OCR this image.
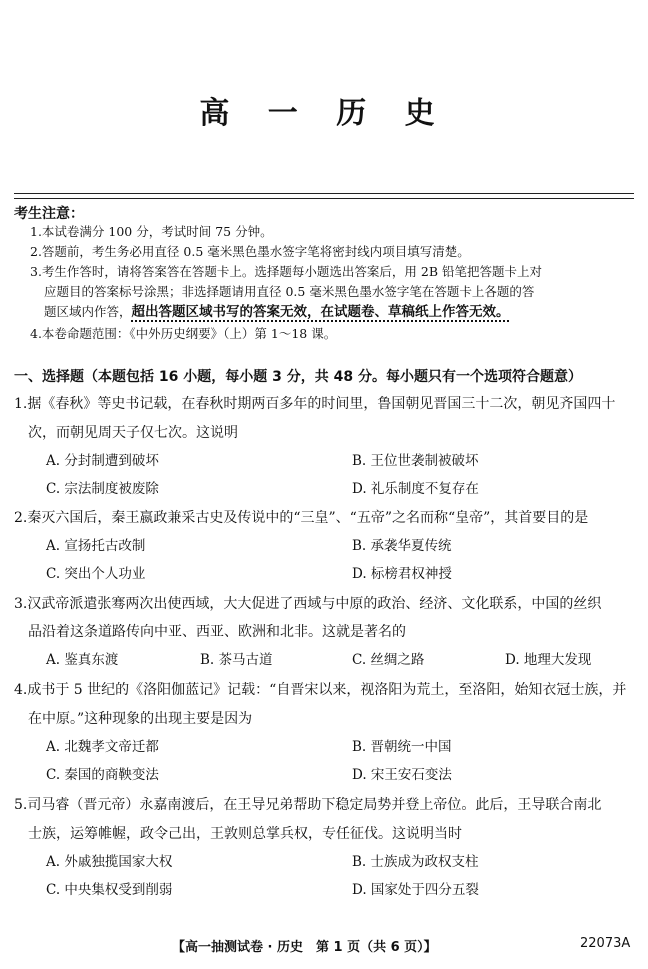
高 一 历 史
考生注意：
1.本试卷满分 100 分，考试时间 75 分钟。
2.答题前，考生务必用直径 0.5 毫米黑色墨水签字笔将密封线内项目填写清楚。
3.考生作答时，请将答案答在答题卡上。选择题每小题选出答案后，用 2B 铅笔把答题卡上对
应题目的答案标号涂黑；非选择题请用直径 0.5 毫米黑色墨水签字笔在答题卡上各题的答
题区域内作答，超出答题区域书写的答案无效，在试题卷、草稿纸上作答无效。
4.本卷命题范围：《中外历史纲要》（上）第 1～18 课。
一、选择题（本题包括 16 小题，每小题 3 分，共 48 分。每小题只有一个选项符合题意）
1.据《春秋》等史书记载，在春秋时期两百多年的时间里，鲁国朝见晋国三十二次，朝见齐国四十
次，而朝见周天子仅七次。这说明
A. 分封制遭到破坏	B. 王位世袭制被破坏
C. 宗法制度被废除	D. 礼乐制度不复存在
2.秦灭六国后，秦王嬴政兼采古史及传说中的“三皇”、“五帝”之名而称“皇帝”，其首要目的是
A. 宣扬托古改制	B. 承袭华夏传统
C. 突出个人功业	D. 标榜君权神授
3.汉武帝派遣张骞两次出使西域，大大促进了西域与中原的政治、经济、文化联系，中国的丝织
品沿着这条道路传向中亚、西亚、欧洲和北非。这就是著名的
A. 鉴真东渡	B. 茶马古道	C. 丝绸之路	D. 地理大发现
4.成书于 5 世纪的《洛阳伽蓝记》记载：“自晋宋以来，视洛阳为荒土，至洛阳，始知衣冠士族，并
在中原。”这种现象的出现主要是因为
A. 北魏孝文帝迁都	B. 晋朝统一中国
C. 秦国的商鞅变法	D. 宋王安石变法
5.司马睿（晋元帝）永嘉南渡后，在王导兄弟帮助下稳定局势并登上帝位。此后，王导联合南北
士族，运筹帷幄，政令己出，王敦则总掌兵权，专任征伐。这说明当时
A. 外戚独揽国家大权	B. 士族成为政权支柱
C. 中央集权受到削弱	D. 国家处于四分五裂
【高一抽测试卷 · 历史　第 1 页（共 6 页）】	22073A
